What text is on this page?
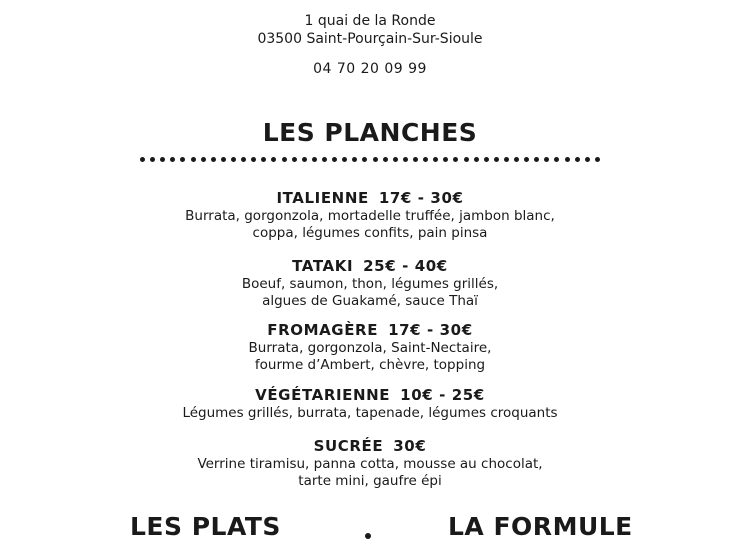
1 quai de la Ronde
03500 Saint-Pourçain-Sur-Sioule
04 70 20 09 99
LES PLANCHES
ITALIENNE 17€ - 30€
Burrata, gorgonzola, mortadelle truffée, jambon blanc,
coppa, légumes confits, pain pinsa
TATAKI 25€ - 40€
Boeuf, saumon, thon, légumes grillés,
algues de Guakamé, sauce Thaï
FROMAGÈRE 17€ - 30€
Burrata, gorgonzola, Saint-Nectaire,
fourme d’Ambert, chèvre, topping
VÉGÉTARIENNE 10€ - 25€
Légumes grillés, burrata, tapenade, légumes croquants
SUCRÉE 30€
Verrine tiramisu, panna cotta, mousse au chocolat,
tarte mini, gaufre épi
LES PLATS	LA FORMULE
